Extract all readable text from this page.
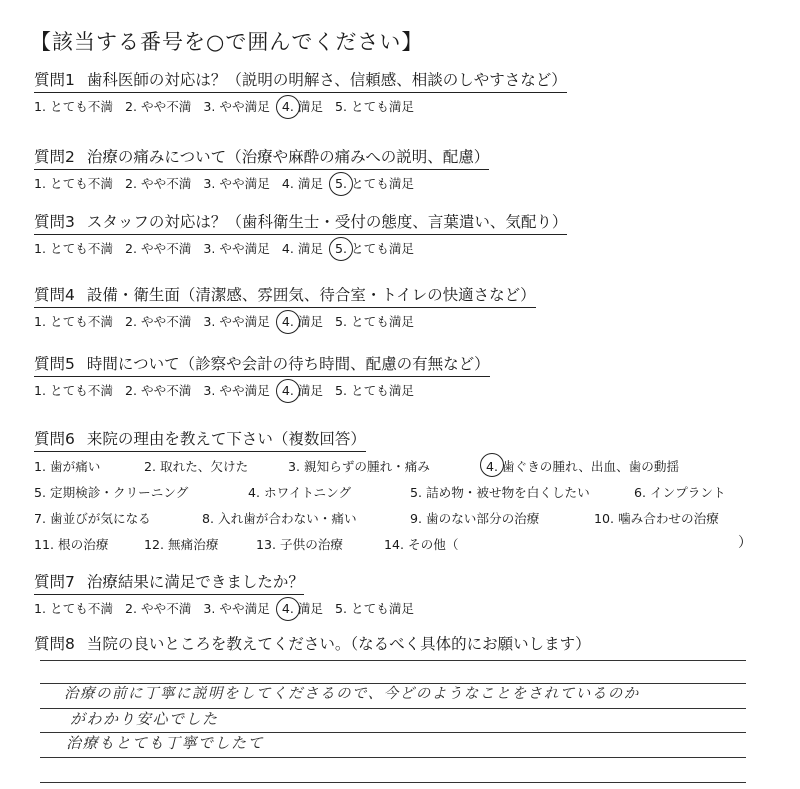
【該当する番号を○で囲んでください】
質問1 歯科医師の対応は？（説明の明解さ、信頼感、相談のしやすさなど）
1. とても不満 2. やや不満 3. やや満足 4. 満足 5. とても満足
質問2 治療の痛みについて（治療や麻酔の痛みへの説明、配慮）
1. とても不満 2. やや不満 3. やや満足 4. 満足 5. とても満足
質問3 スタッフの対応は？（歯科衛生士・受付の態度、言葉遣い、気配り）
1. とても不満 2. やや不満 3. やや満足 4. 満足 5. とても満足
質問4 設備・衛生面（清潔感、雰囲気、待合室・トイレの快適さなど）
1. とても不満 2. やや不満 3. やや満足 4. 満足 5. とても満足
質問5 時間について（診察や会計の待ち時間、配慮の有無など）
1. とても不満 2. やや不満 3. やや満足 4. 満足 5. とても満足
質問6 来院の理由を教えて下さい（複数回答）
1. 歯が痛い	2. 取れた、欠けた	3. 親知らずの腫れ・痛み	4. 歯ぐきの腫れ、出血、歯の動揺
5. 定期検診・クリーニング	4. ホワイトニング	5. 詰め物・被せ物を白くしたい	6. インプラント
7. 歯並びが気になる	8. 入れ歯が合わない・痛い	9. 歯のない部分の治療	10. 噛み合わせの治療
11. 根の治療	12. 無痛治療	13. 子供の治療	14. その他（	）
質問7 治療結果に満足できましたか？
1. とても不満 2. やや不満 3. やや満足 4. 満足 5. とても満足
質問8 当院の良いところを教えてください。（なるべく具体的にお願いします）
治療の前に丁寧に説明をしてくださるので、今どのようなことをされているのか
がわかり安心でした
治療もとても丁寧でしたて
